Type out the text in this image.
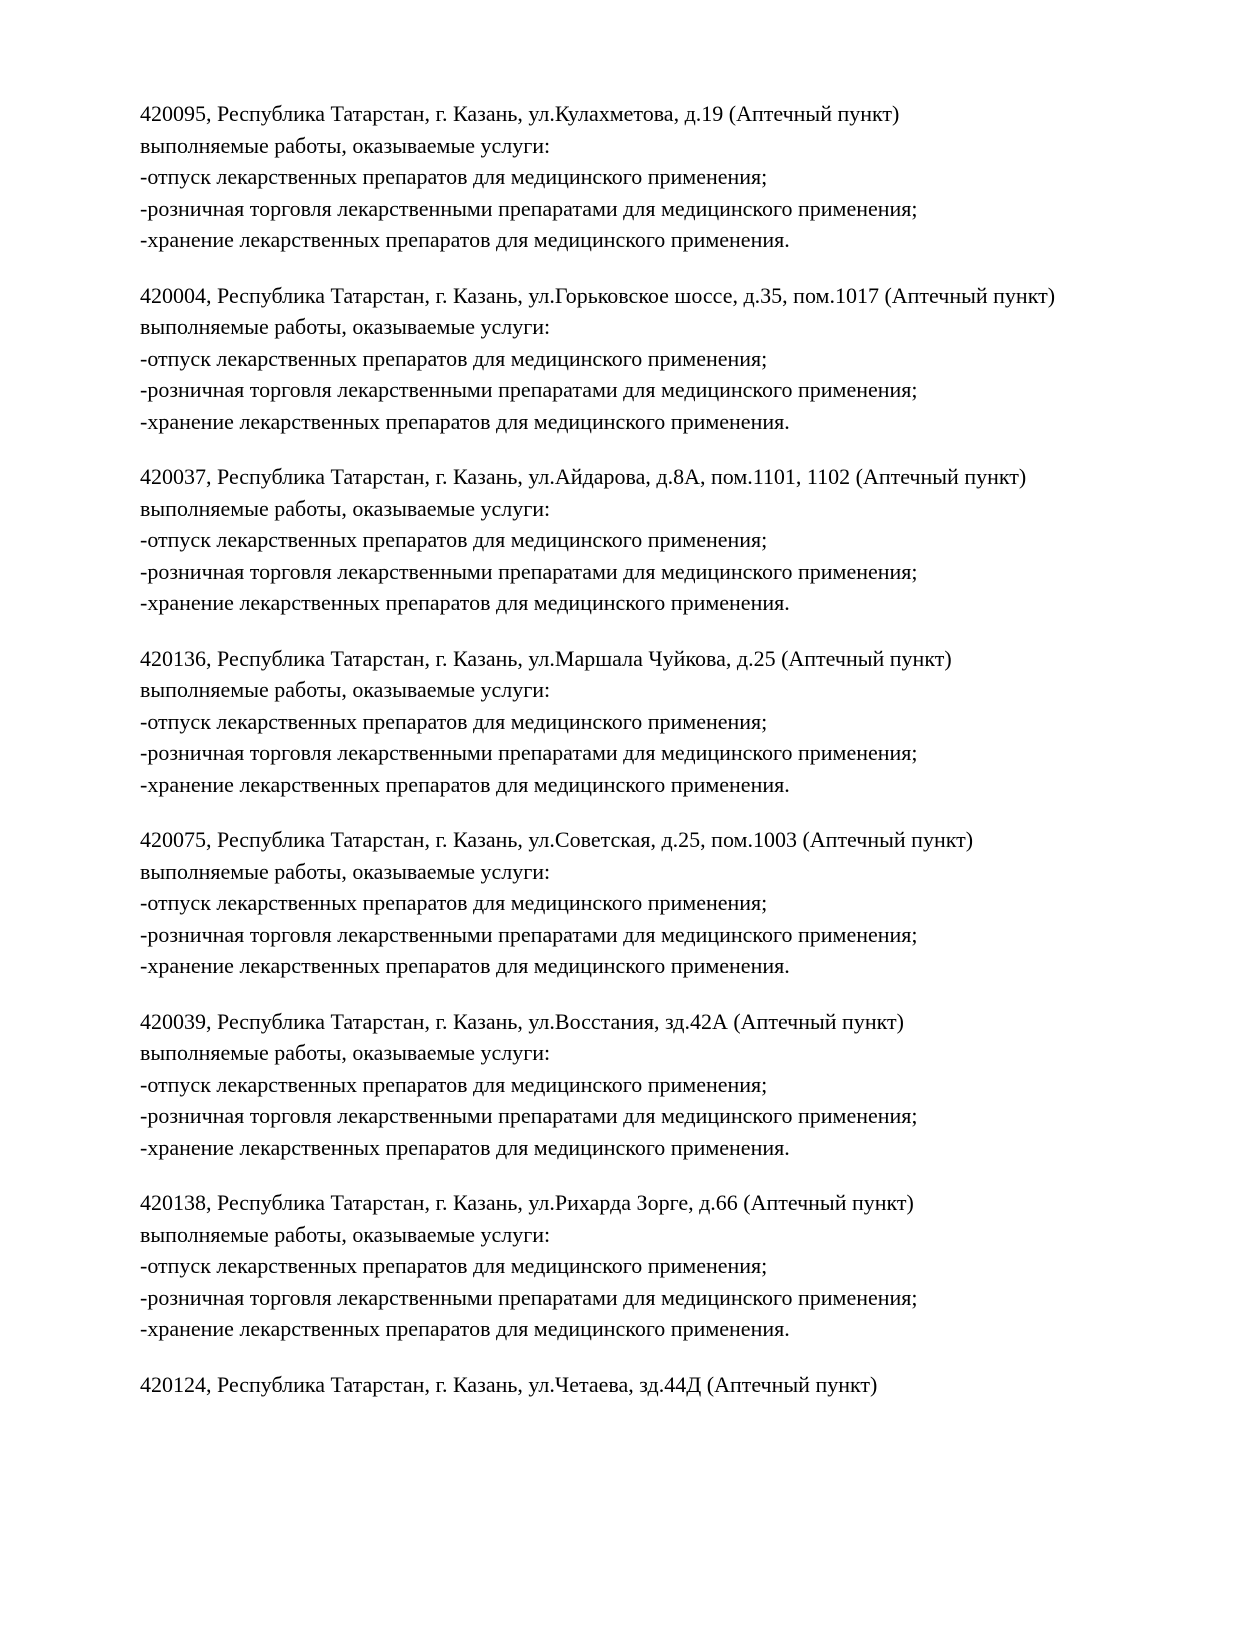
420095, Республика Татарстан, г. Казань, ул.Кулахметова, д.19 (Аптечный пункт)

выполняемые работы, оказываемые услуги:

-отпуск лекарственных препаратов для медицинского применения;

-розничная торговля лекарственными препаратами для медицинского применения;

-хранение лекарственных препаратов для медицинского применения.

420004, Республика Татарстан, г. Казань, ул.Горьковское шоссе, д.35, пом.1017 (Аптечный пункт)

выполняемые работы, оказываемые услуги:

-отпуск лекарственных препаратов для медицинского применения;

-розничная торговля лекарственными препаратами для медицинского применения;

-хранение лекарственных препаратов для медицинского применения.

420037, Республика Татарстан, г. Казань, ул.Айдарова, д.8А, пом.1101, 1102 (Аптечный пункт)

выполняемые работы, оказываемые услуги:

-отпуск лекарственных препаратов для медицинского применения;

-розничная торговля лекарственными препаратами для медицинского применения;

-хранение лекарственных препаратов для медицинского применения.

420136, Республика Татарстан, г. Казань, ул.Маршала Чуйкова, д.25 (Аптечный пункт)

выполняемые работы, оказываемые услуги:

-отпуск лекарственных препаратов для медицинского применения;

-розничная торговля лекарственными препаратами для медицинского применения;

-хранение лекарственных препаратов для медицинского применения.

420075, Республика Татарстан, г. Казань, ул.Советская, д.25, пом.1003 (Аптечный пункт)

выполняемые работы, оказываемые услуги:

-отпуск лекарственных препаратов для медицинского применения;

-розничная торговля лекарственными препаратами для медицинского применения;

-хранение лекарственных препаратов для медицинского применения.

420039, Республика Татарстан, г. Казань, ул.Восстания, зд.42А (Аптечный пункт)

выполняемые работы, оказываемые услуги:

-отпуск лекарственных препаратов для медицинского применения;

-розничная торговля лекарственными препаратами для медицинского применения;

-хранение лекарственных препаратов для медицинского применения.

420138, Республика Татарстан, г. Казань, ул.Рихарда Зорге, д.66 (Аптечный пункт)

выполняемые работы, оказываемые услуги:

-отпуск лекарственных препаратов для медицинского применения;

-розничная торговля лекарственными препаратами для медицинского применения;

-хранение лекарственных препаратов для медицинского применения.

420124, Республика Татарстан, г. Казань, ул.Четаева, зд.44Д (Аптечный пункт)
